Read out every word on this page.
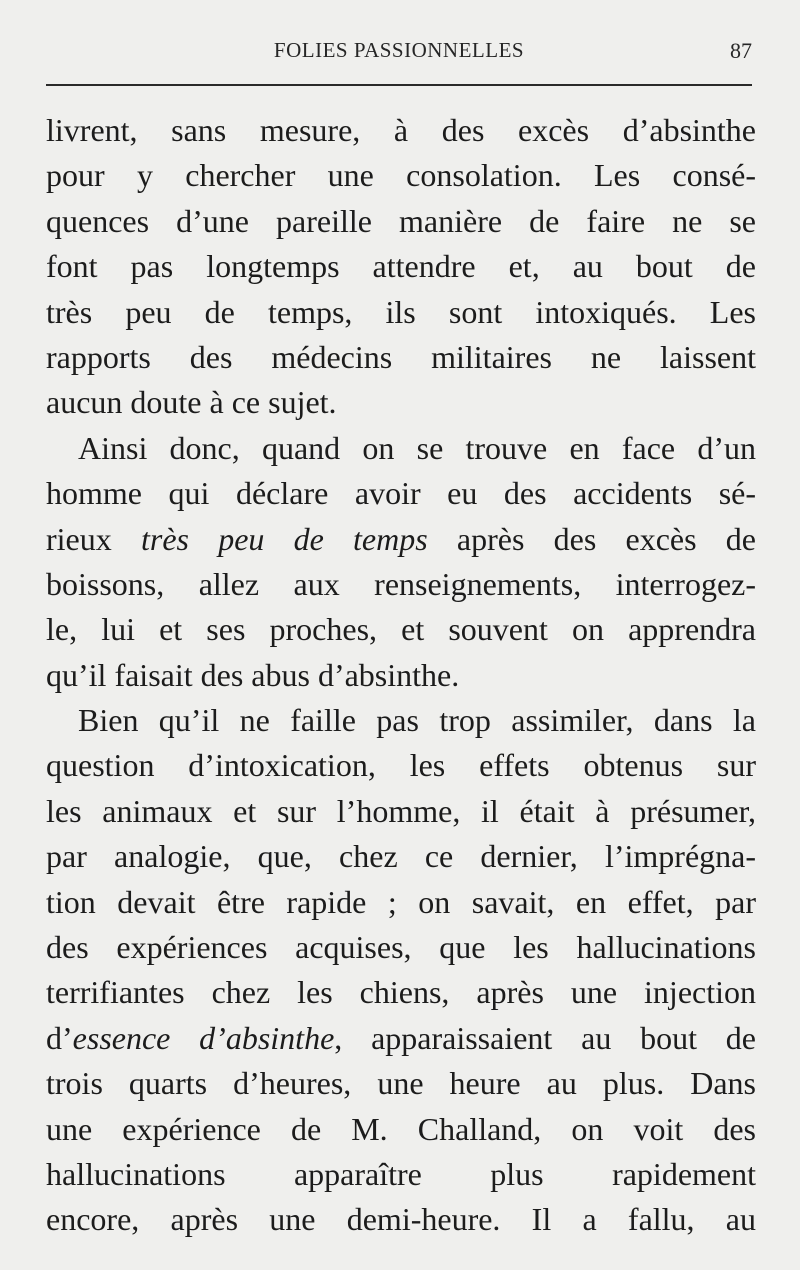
FOLIES PASSIONNELLES	87
livrent, sans mesure, à des excès d’absinthe
pour y chercher une consolation. Les consé-
quences d’une pareille manière de faire ne se
font pas longtemps attendre et, au bout de
très peu de temps, ils sont intoxiqués. Les
rapports des médecins militaires ne laissent
aucun doute à ce sujet.
Ainsi donc, quand on se trouve en face d’un
homme qui déclare avoir eu des accidents sé-
rieux très peu de temps après des excès de
boissons, allez aux renseignements, interrogez-
le, lui et ses proches, et souvent on apprendra
qu’il faisait des abus d’absinthe.
Bien qu’il ne faille pas trop assimiler, dans la
question d’intoxication, les effets obtenus sur
les animaux et sur l’homme, il était à présumer,
par analogie, que, chez ce dernier, l’imprégna-
tion devait être rapide ; on savait, en effet, par
des expériences acquises, que les hallucinations
terrifiantes chez les chiens, après une injection
d’essence d’absinthe, apparaissaient au bout de
trois quarts d’heures, une heure au plus. Dans
une expérience de M. Challand, on voit des
hallucinations apparaître plus rapidement
encore, après une demi-heure. Il a fallu, au
